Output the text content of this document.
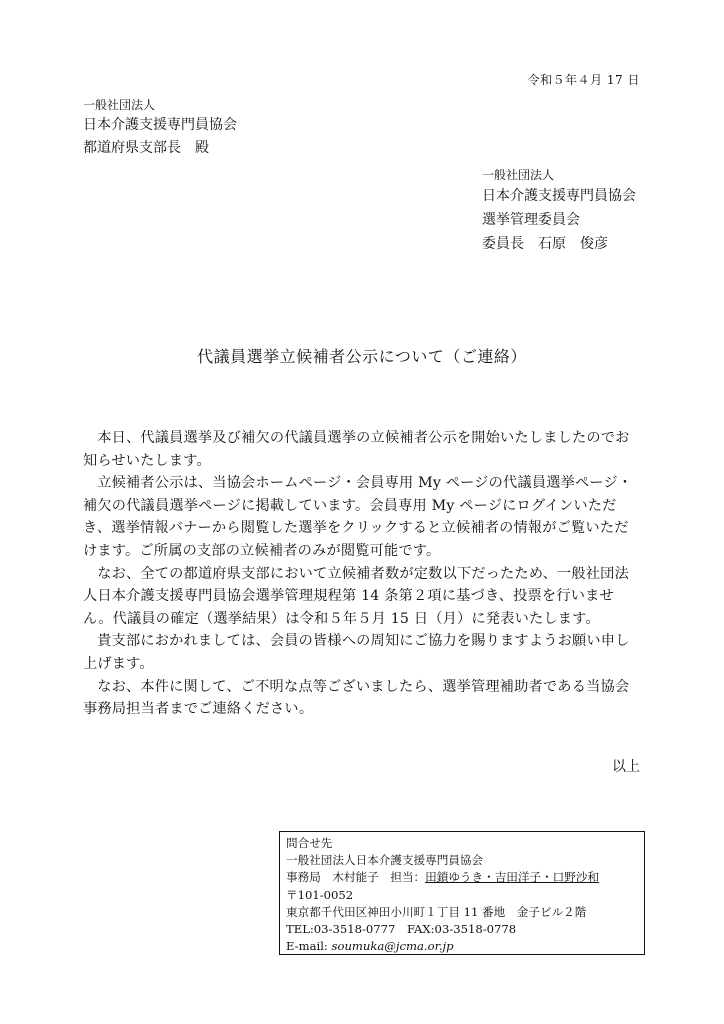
令和５年４月 17 日
一般社団法人
日本介護支援専門員協会
都道府県支部長　殿
一般社団法人
日本介護支援専門員協会
選挙管理委員会
委員長　石原　俊彦
代議員選挙立候補者公示について（ご連絡）

本日、代議員選挙及び補欠の代議員選挙の立候補者公示を開始いたしましたのでお知らせいたします。

立候補者公示は、当協会ホームページ・会員専用 My ページの代議員選挙ページ・補欠の代議員選挙ページに掲載しています。会員専用 My ページにログインいただき、選挙情報バナーから閲覧した選挙をクリックすると立候補者の情報がご覧いただけます。ご所属の支部の立候補者のみが閲覧可能です。

なお、全ての都道府県支部において立候補者数が定数以下だったため、一般社団法人日本介護支援専門員協会選挙管理規程第 14 条第２項に基づき、投票を行いません。代議員の確定（選挙結果）は令和５年５月 15 日（月）に発表いたします。

貴支部におかれましては、会員の皆様への周知にご協力を賜りますようお願い申し上げます。

なお、本件に関して、ご不明な点等ございましたら、選挙管理補助者である当協会事務局担当者までご連絡ください。

以上
問合せ先
一般社団法人日本介護支援専門員協会
事務局　木村能子　担当：田鎖ゆうき・吉田洋子・口野沙和
〒101-0052
東京都千代田区神田小川町１丁目 11 番地　金子ビル２階
TEL:03-3518-0777　FAX:03-3518-0778
E-mail: soumuka@jcma.or.jp
